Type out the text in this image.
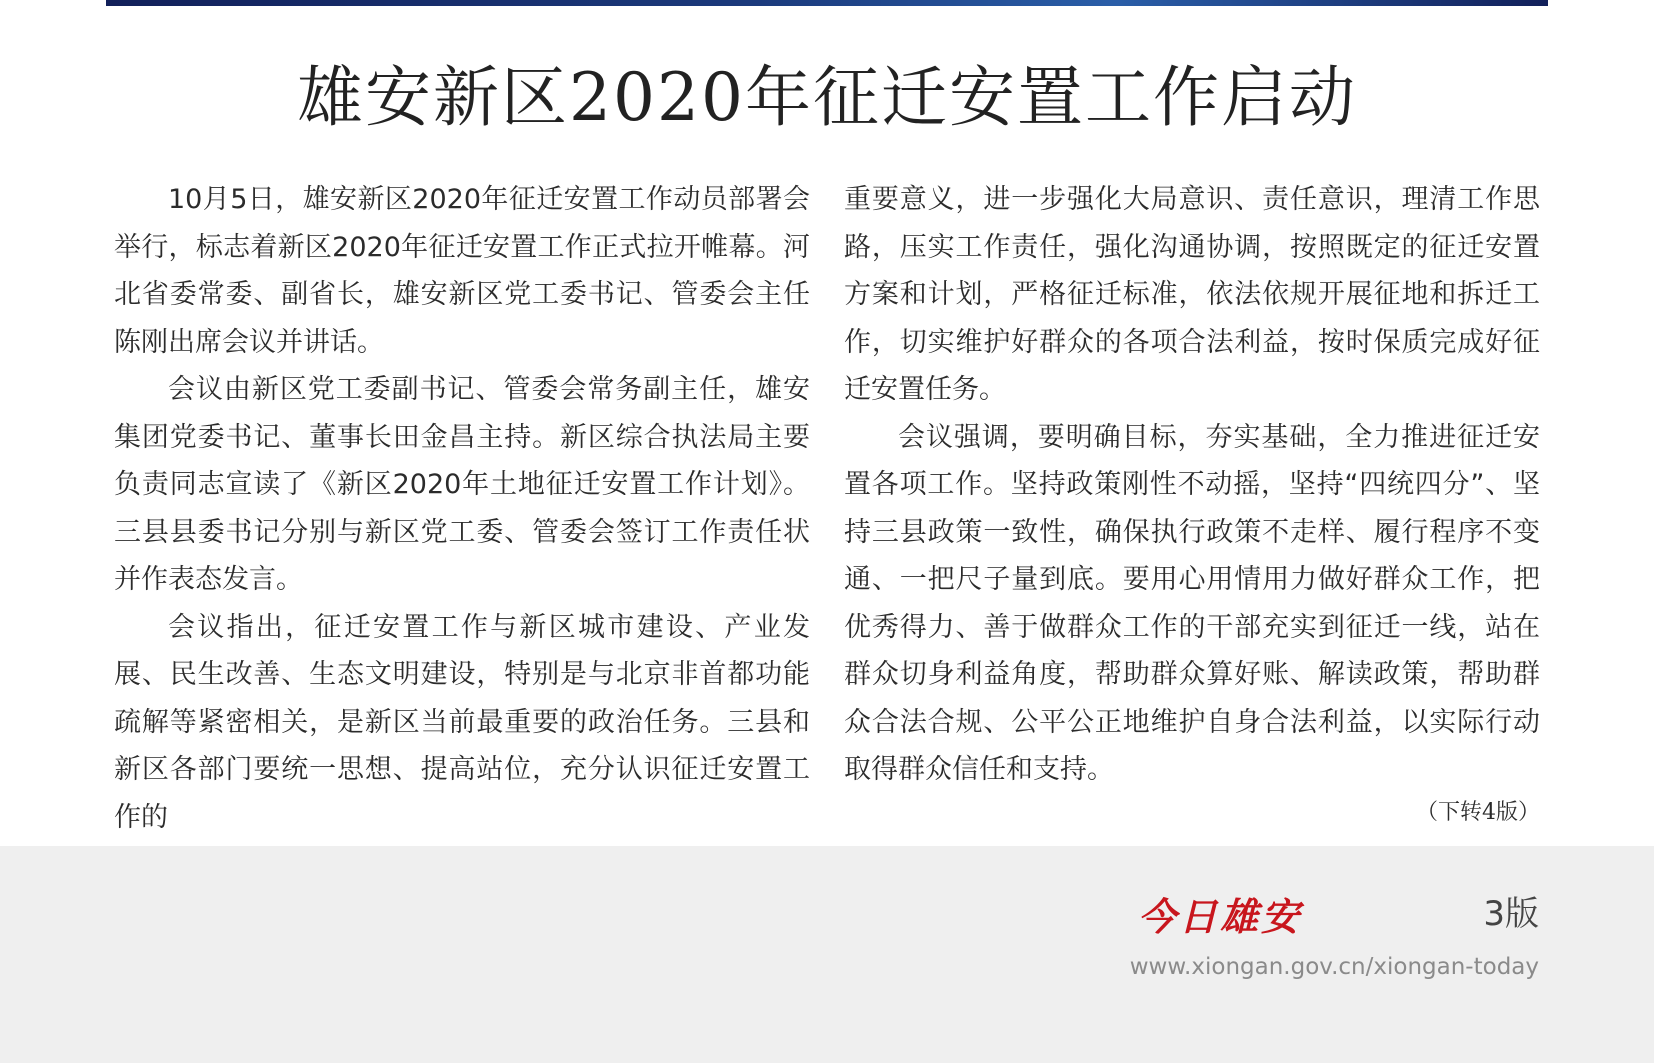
雄安新区2020年征迁安置工作启动

10月5日，雄安新区2020年征迁安置工作动员部署会举行，标志着新区2020年征迁安置工作正式拉开帷幕。河北省委常委、副省长，雄安新区党工委书记、管委会主任陈刚出席会议并讲话。

会议由新区党工委副书记、管委会常务副主任，雄安集团党委书记、董事长田金昌主持。新区综合执法局主要负责同志宣读了《新区2020年土地征迁安置工作计划》。三县县委书记分别与新区党工委、管委会签订工作责任状并作表态发言。

会议指出，征迁安置工作与新区城市建设、产业发展、民生改善、生态文明建设，特别是与北京非首都功能疏解等紧密相关，是新区当前最重要的政治任务。三县和新区各部门要统一思想、提高站位，充分认识征迁安置工作的

重要意义，进一步强化大局意识、责任意识，理清工作思路，压实工作责任，强化沟通协调，按照既定的征迁安置方案和计划，严格征迁标准，依法依规开展征地和拆迁工作，切实维护好群众的各项合法利益，按时保质完成好征迁安置任务。

会议强调，要明确目标，夯实基础，全力推进征迁安置各项工作。坚持政策刚性不动摇，坚持“四统四分”、坚持三县政策一致性，确保执行政策不走样、履行程序不变通、一把尺子量到底。要用心用情用力做好群众工作，把优秀得力、善于做群众工作的干部充实到征迁一线，站在群众切身利益角度，帮助群众算好账、解读政策，帮助群众合法合规、公平公正地维护自身合法利益，以实际行动取得群众信任和支持。

（下转4版）
今日雄安	3版
www.xiongan.gov.cn/xiongan-today
